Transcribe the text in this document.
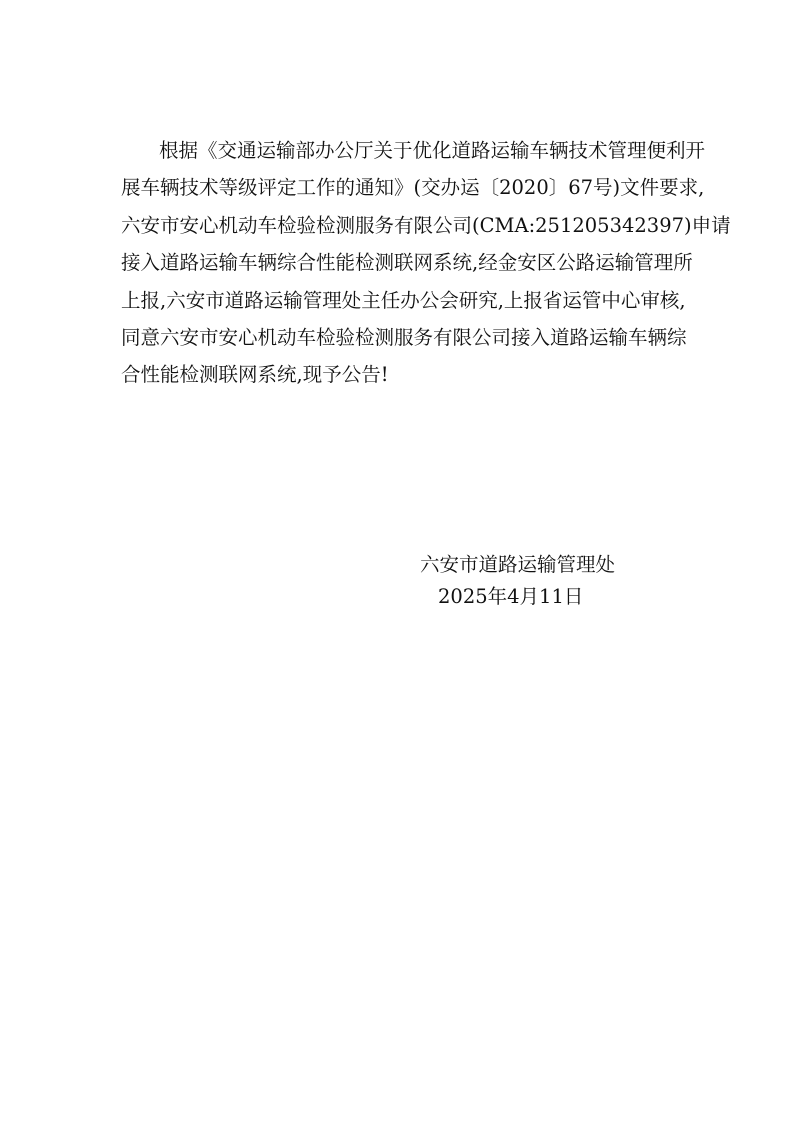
根据《交通运输部办公厅关于优化道路运输车辆技术管理便利开
展车辆技术等级评定工作的通知》(交办运〔2020〕67号)文件要求,
六安市安心机动车检验检测服务有限公司(CMA:251205342397)申请
接入道路运输车辆综合性能检测联网系统,经金安区公路运输管理所
上报,六安市道路运输管理处主任办公会研究,上报省运管中心审核,
同意六安市安心机动车检验检测服务有限公司接入道路运输车辆综
合性能检测联网系统,现予公告!
六安市道路运输管理处
2025年4月11日
